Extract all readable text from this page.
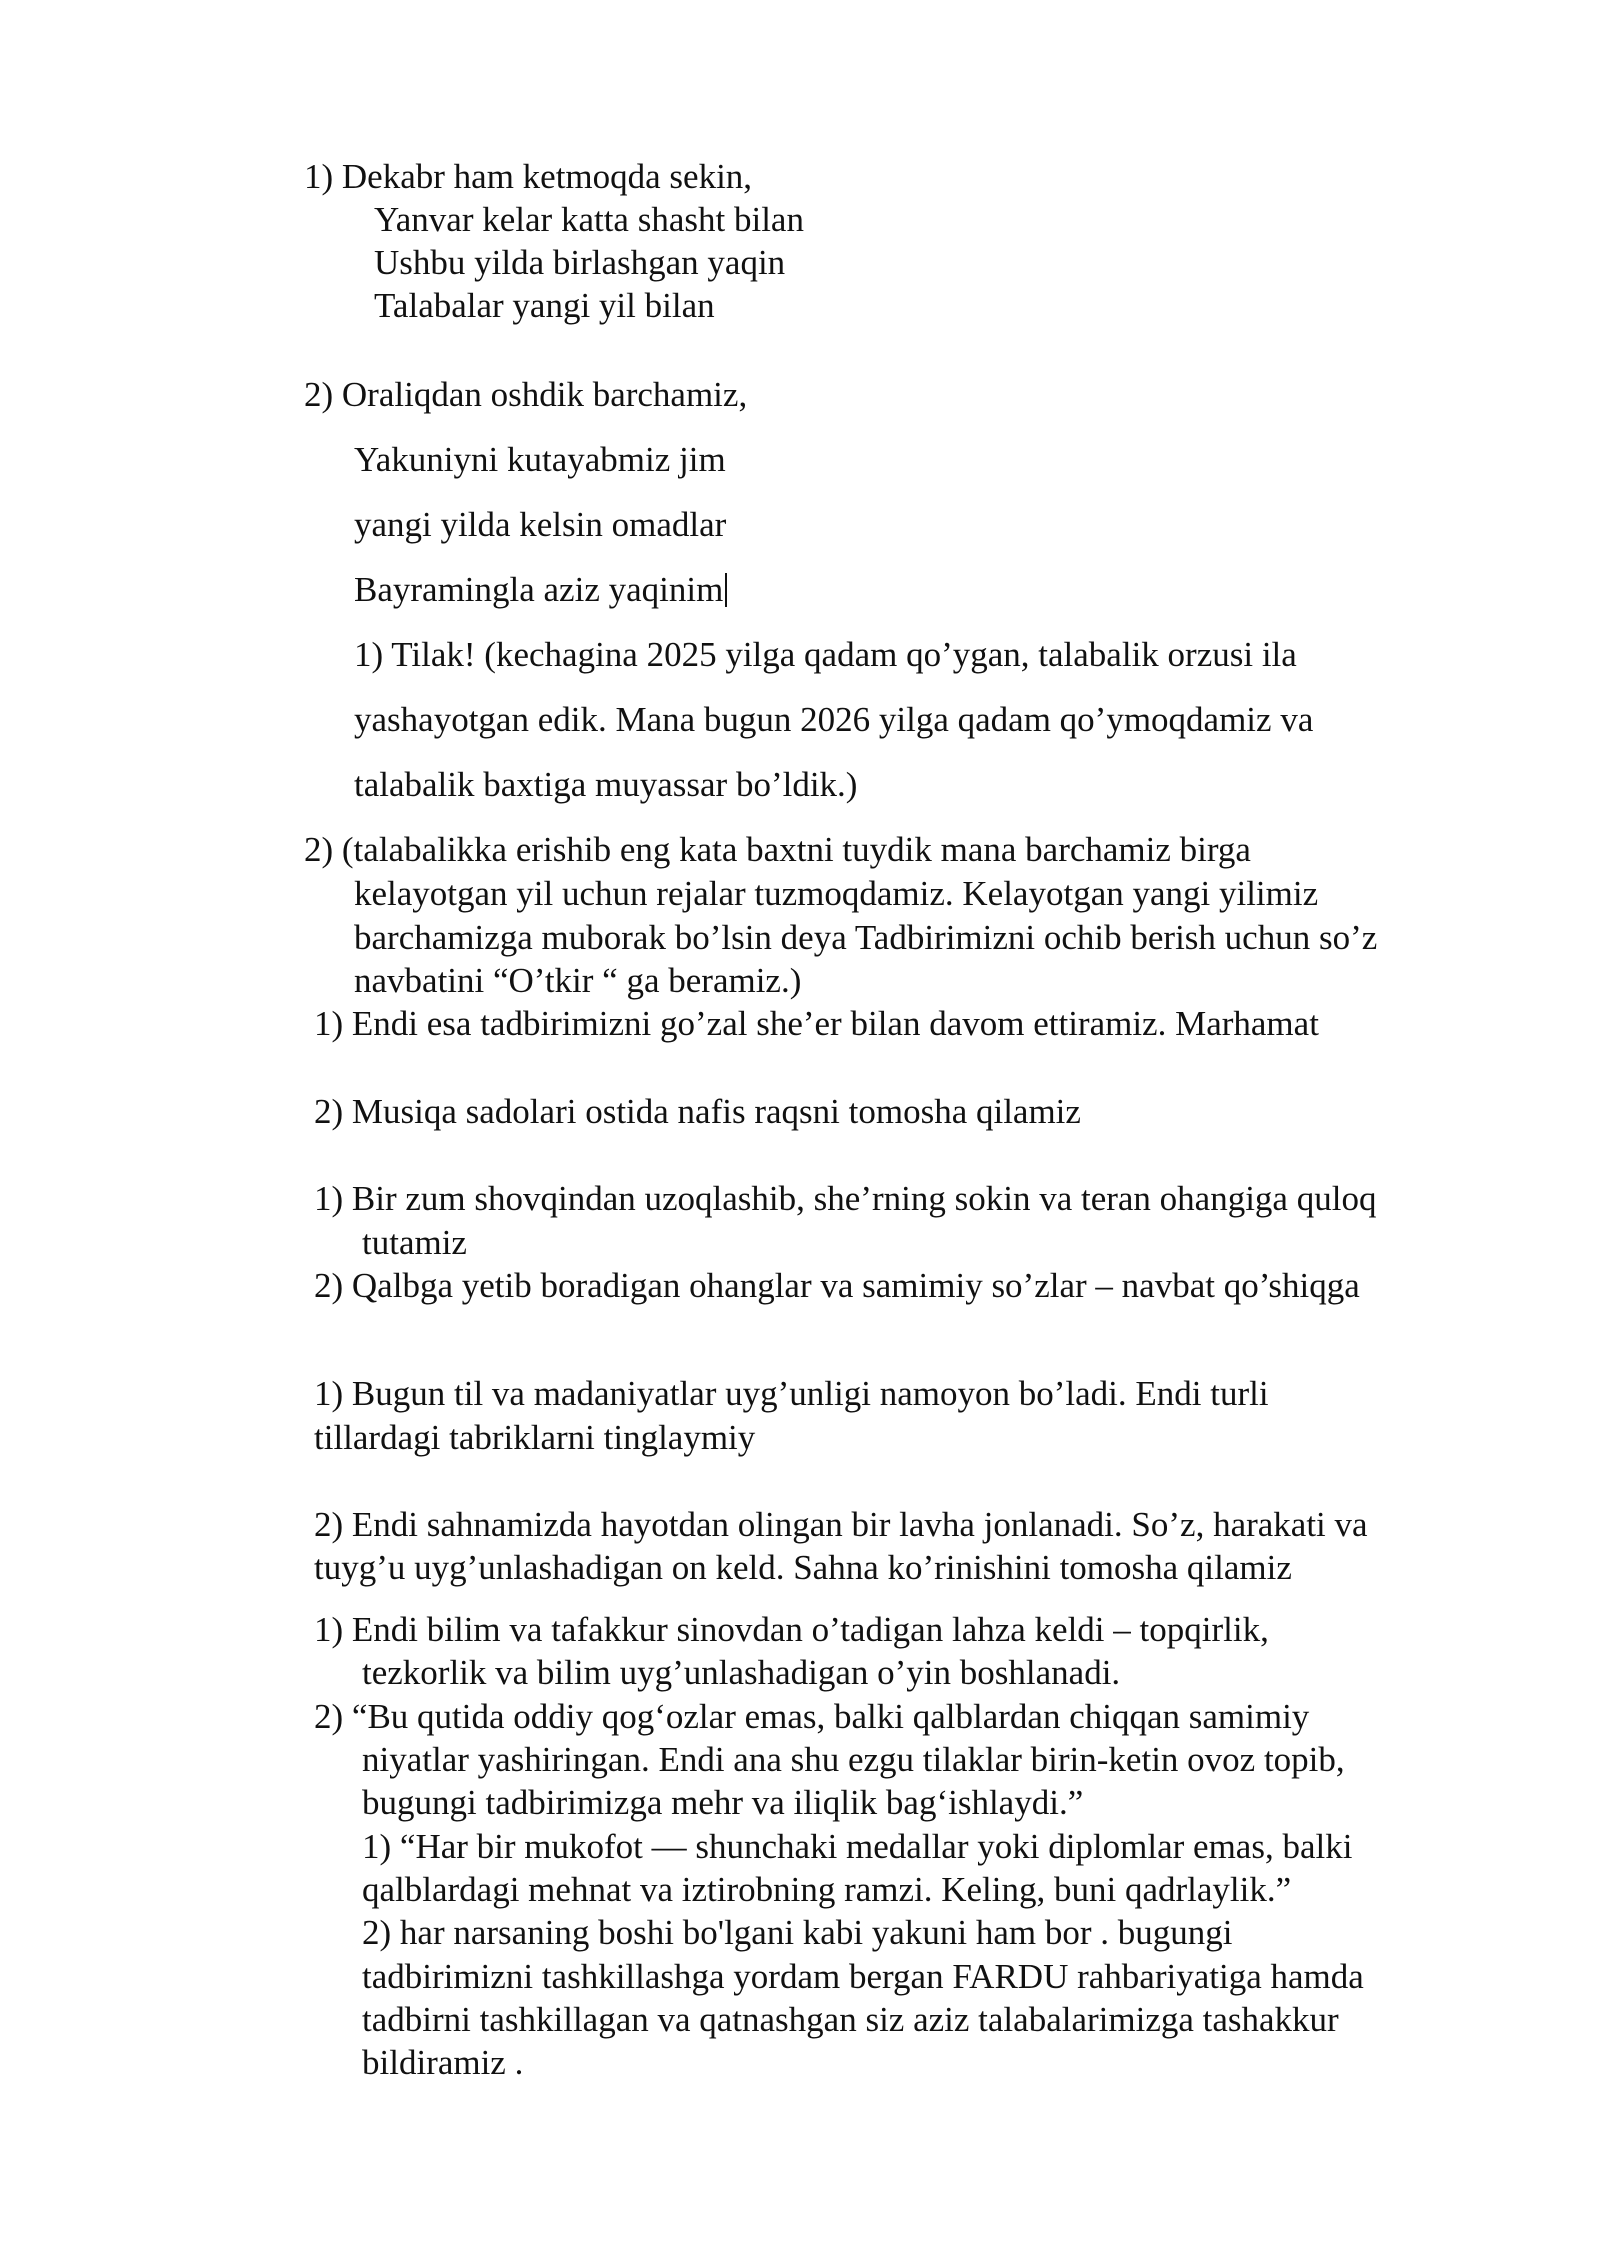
1) Dekabr ham ketmoqda sekin,
Yanvar kelar katta shasht bilan
Ushbu yilda birlashgan yaqin
Talabalar yangi yil bilan
2) Oraliqdan oshdik barchamiz,
Yakuniyni kutayabmiz jim
yangi yilda kelsin omadlar
Bayramingla aziz yaqinim
1) Tilak! (kechagina 2025 yilga qadam qo’ygan, talabalik orzusi ila
yashayotgan edik. Mana bugun 2026 yilga qadam qo’ymoqdamiz va
talabalik baxtiga muyassar bo’ldik.)
2) (talabalikka erishib eng kata baxtni tuydik mana barchamiz birga
kelayotgan yil uchun rejalar tuzmoqdamiz. Kelayotgan yangi yilimiz
barchamizga muborak bo’lsin deya Tadbirimizni ochib berish uchun so’z
navbatini “O’tkir “ ga beramiz.)
1) Endi esa tadbirimizni go’zal she’er bilan davom ettiramiz. Marhamat
2) Musiqa sadolari ostida nafis raqsni tomosha qilamiz
1) Bir zum shovqindan uzoqlashib, she’rning sokin va teran ohangiga quloq
tutamiz
2) Qalbga yetib boradigan ohanglar va samimiy so’zlar – navbat qo’shiqga
1) Bugun til va madaniyatlar uyg’unligi namoyon bo’ladi. Endi turli
tillardagi tabriklarni tinglaymiy
2) Endi sahnamizda hayotdan olingan bir lavha jonlanadi. So’z, harakati va
tuyg’u uyg’unlashadigan on keld. Sahna ko’rinishini tomosha qilamiz
1) Endi bilim va tafakkur sinovdan o’tadigan lahza keldi – topqirlik,
tezkorlik va bilim uyg’unlashadigan o’yin boshlanadi.
2) “Bu qutida oddiy qog‘ozlar emas, balki qalblardan chiqqan samimiy
niyatlar yashiringan. Endi ana shu ezgu tilaklar birin-ketin ovoz topib,
bugungi tadbirimizga mehr va iliqlik bag‘ishlaydi.”
1) “Har bir mukofot — shunchaki medallar yoki diplomlar emas, balki
qalblardagi mehnat va iztirobning ramzi. Keling, buni qadrlaylik.”
2) har narsaning boshi bo'lgani kabi yakuni ham bor . bugungi
tadbirimizni tashkillashga yordam bergan FARDU rahbariyatiga hamda
tadbirni tashkillagan va qatnashgan siz aziz talabalarimizga tashakkur
bildiramiz .
